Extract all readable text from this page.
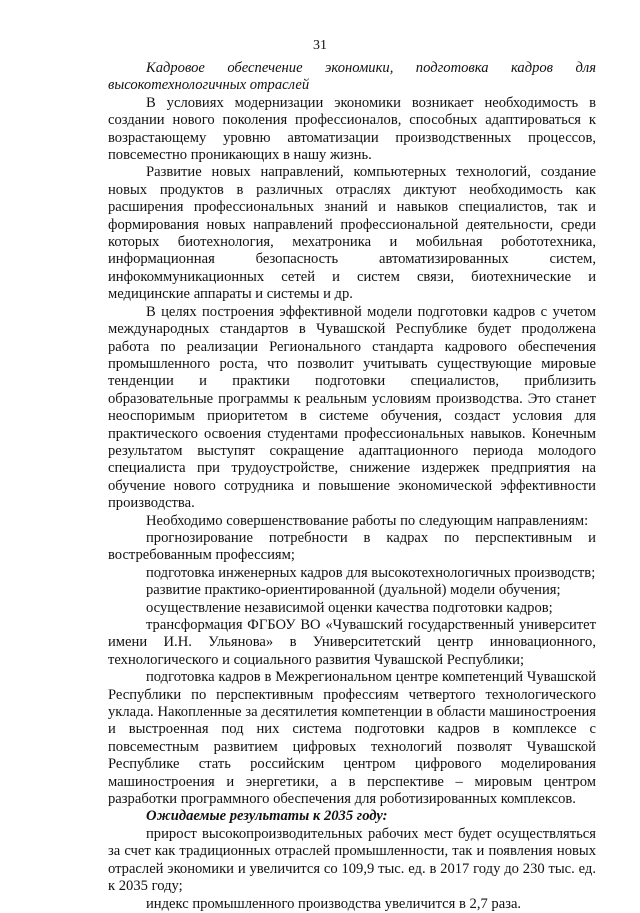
31

Кадровое обеспечение экономики, подготовка кадров для высокотехнологичных отраслей

В условиях модернизации экономики возникает необходимость в создании нового поколения профессионалов, способных адаптироваться к возрастающему уровню автоматизации производственных процессов, повсеместно проникающих в нашу жизнь.

Развитие новых направлений, компьютерных технологий, создание новых продуктов в различных отраслях диктуют необходимость как расширения профессиональных знаний и навыков специалистов, так и формирования новых направлений профессиональной деятельности, среди которых биотехнология, мехатроника и мобильная робототехника, информационная безопасность автоматизированных систем, инфокоммуникационных сетей и систем связи, биотехнические и медицинские аппараты и системы и др.

В целях построения эффективной модели подготовки кадров с учетом международных стандартов в Чувашской Республике будет продолжена работа по реализации Регионального стандарта кадрового обеспечения промышленного роста, что позволит учитывать существующие мировые тенденции и практики подготовки специалистов, приблизить образовательные программы к реальным условиям производства. Это станет неоспоримым приоритетом в системе обучения, создаст условия для практического освоения студентами профессиональных навыков. Конечным результатом выступят сокращение адаптационного периода молодого специалиста при трудоустройстве, снижение издержек предприятия на обучение нового сотрудника и повышение экономической эффективности производства.

Необходимо совершенствование работы по следующим направлениям:

прогнозирование потребности в кадрах по перспективным и востребованным профессиям;

подготовка инженерных кадров для высокотехнологичных производств;

развитие практико-ориентированной (дуальной) модели обучения;

осуществление независимой оценки качества подготовки кадров;

трансформация ФГБОУ ВО «Чувашский государственный университет имени И.Н. Ульянова» в Университетский центр инновационного, технологического и социального развития Чувашской Республики;

подготовка кадров в Межрегиональном центре компетенций Чувашской Республики по перспективным профессиям четвертого технологического уклада. Накопленные за десятилетия компетенции в области машиностроения и выстроенная под них система подготовки кадров в комплексе с повсеместным развитием цифровых технологий позволят Чувашской Республике стать российским центром цифрового моделирования машиностроения и энергетики, а в перспективе – мировым центром разработки программного обеспечения для роботизированных комплексов.

Ожидаемые результаты к 2035 году:

прирост высокопроизводительных рабочих мест будет осуществляться за счет как традиционных отраслей промышленности, так и появления новых отраслей экономики и увеличится со 109,9 тыс. ед. в 2017 году до 230 тыс. ед. к 2035 году;

индекс промышленного производства увеличится в 2,7 раза.
